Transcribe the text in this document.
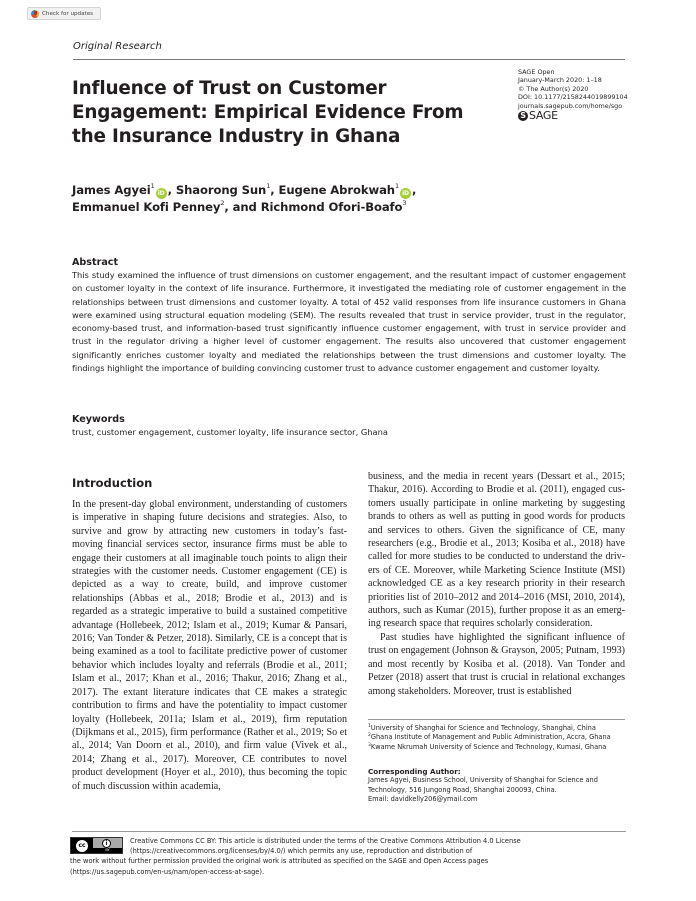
Check for updates
Original Research
SAGE Open
January-March 2020: 1–18
© The Author(s) 2020
DOI: 10.1177/2158244019899104
journals.sagepub.com/home/sgo
S SAGE
Influence of Trust on Customer
Engagement: Empirical Evidence From
the Insurance Industry in Ghana
James Agyei$^1$iD , Shaorong Sun$^1$, Eugene Abrokwah$^1$iD ,
Emmanuel Kofi Penney$^2$, and Richmond Ofori-Boafo$^3$
Abstract
This study examined the influence of trust dimensions on customer engagement, and the resultant impact of customer engagement on customer loyalty in the context of life insurance. Furthermore, it investigated the mediating role of customer engagement in the relationships between trust dimensions and customer loyalty. A total of 452 valid responses from life insurance customers in Ghana were examined using structural equation modeling (SEM). The results revealed that trust in service provider, trust in the regulator, economy-based trust, and information-based trust significantly influence customer engagement, with trust in service provider and trust in the regulator driving a higher level of customer engagement. The results also uncovered that customer engagement significantly enriches customer loyalty and mediated the relationships between the trust dimensions and customer loyalty. The findings highlight the importance of building convincing customer trust to advance customer engagement and customer loyalty.
Keywords
trust, customer engagement, customer loyalty, life insurance sector, Ghana
Introduction

In the present-day global environment, understanding of customers is imperative in shaping future decisions and strategies. Also, to survive and grow by attracting new customers in today’s fast-moving financial services sector, insurance firms must be able to engage their customers at all imaginable touch points to align their strategies with the customer needs. Customer engagement (CE) is depicted as a way to create, build, and improve customer relationships (Abbas et al., 2018; Brodie et al., 2013) and is regarded as a strategic imperative to build a sustained competitive advantage (Hollebeek, 2012; Islam et al., 2019; Kumar & Pansari, 2016; Van Tonder & Petzer, 2018). Similarly, CE is a concept that is being examined as a tool to facilitate predictive power of customer behavior which includes loyalty and referrals (Brodie et al., 2011; Islam et al., 2017; Khan et al., 2016; Thakur, 2016; Zhang et al., 2017). The extant literature indicates that CE makes a strategic contribution to firms and have the potentiality to impact customer loyalty (Hollebeek, 2011a; Islam et al., 2019), firm reputation (Dijkmans et al., 2015), firm performance (Rather et al., 2019; So et al., 2014; Van Doorn et al., 2010), and firm value (Vivek et al., 2014; Zhang et al., 2017). Moreover, CE contributes to novel product development (Hoyer et al., 2010), thus becoming the topic of much discussion within academia,

business, and the media in recent years (Dessart et al., 2015; Thakur, 2016). According to Brodie et al. (2011), engaged customers usually participate in online marketing by suggesting brands to others as well as putting in good words for products and services to others. Given the significance of CE, many researchers (e.g., Brodie et al., 2013; Kosiba et al., 2018) have called for more studies to be conducted to understand the drivers of CE. Moreover, while Marketing Science Institute (MSI) acknowledged CE as a key research priority in their research priorities list of 2010–2012 and 2014–2016 (MSI, 2010, 2014), authors, such as Kumar (2015), further propose it as an emerging research space that requires scholarly consideration.

Past studies have highlighted the significant influence of trust on engagement (Johnson & Grayson, 2005; Putnam, 1993) and most recently by Kosiba et al. (2018). Van Tonder and Petzer (2018) assert that trust is crucial in relational exchanges among stakeholders. Moreover, trust is established

$^1$University of Shanghai for Science and Technology, Shanghai, China
$^2$Ghana Institute of Management and Public Administration, Accra, Ghana
$^3$Kwame Nkrumah University of Science and Technology, Kumasi, Ghana
Corresponding Author:
James Agyei, Business School, University of Shanghai for Science and
Technology, 516 Jungong Road, Shanghai 200093, China.
Email: davidkelly206@ymail.com
cc	i
BY
Creative Commons CC BY: This article is distributed under the terms of the Creative Commons Attribution 4.0 License
(https://creativecommons.org/licenses/by/4.0/) which permits any use, reproduction and distribution of
the work without further permission provided the original work is attributed as specified on the SAGE and Open Access pages
(https://us.sagepub.com/en-us/nam/open-access-at-sage).
